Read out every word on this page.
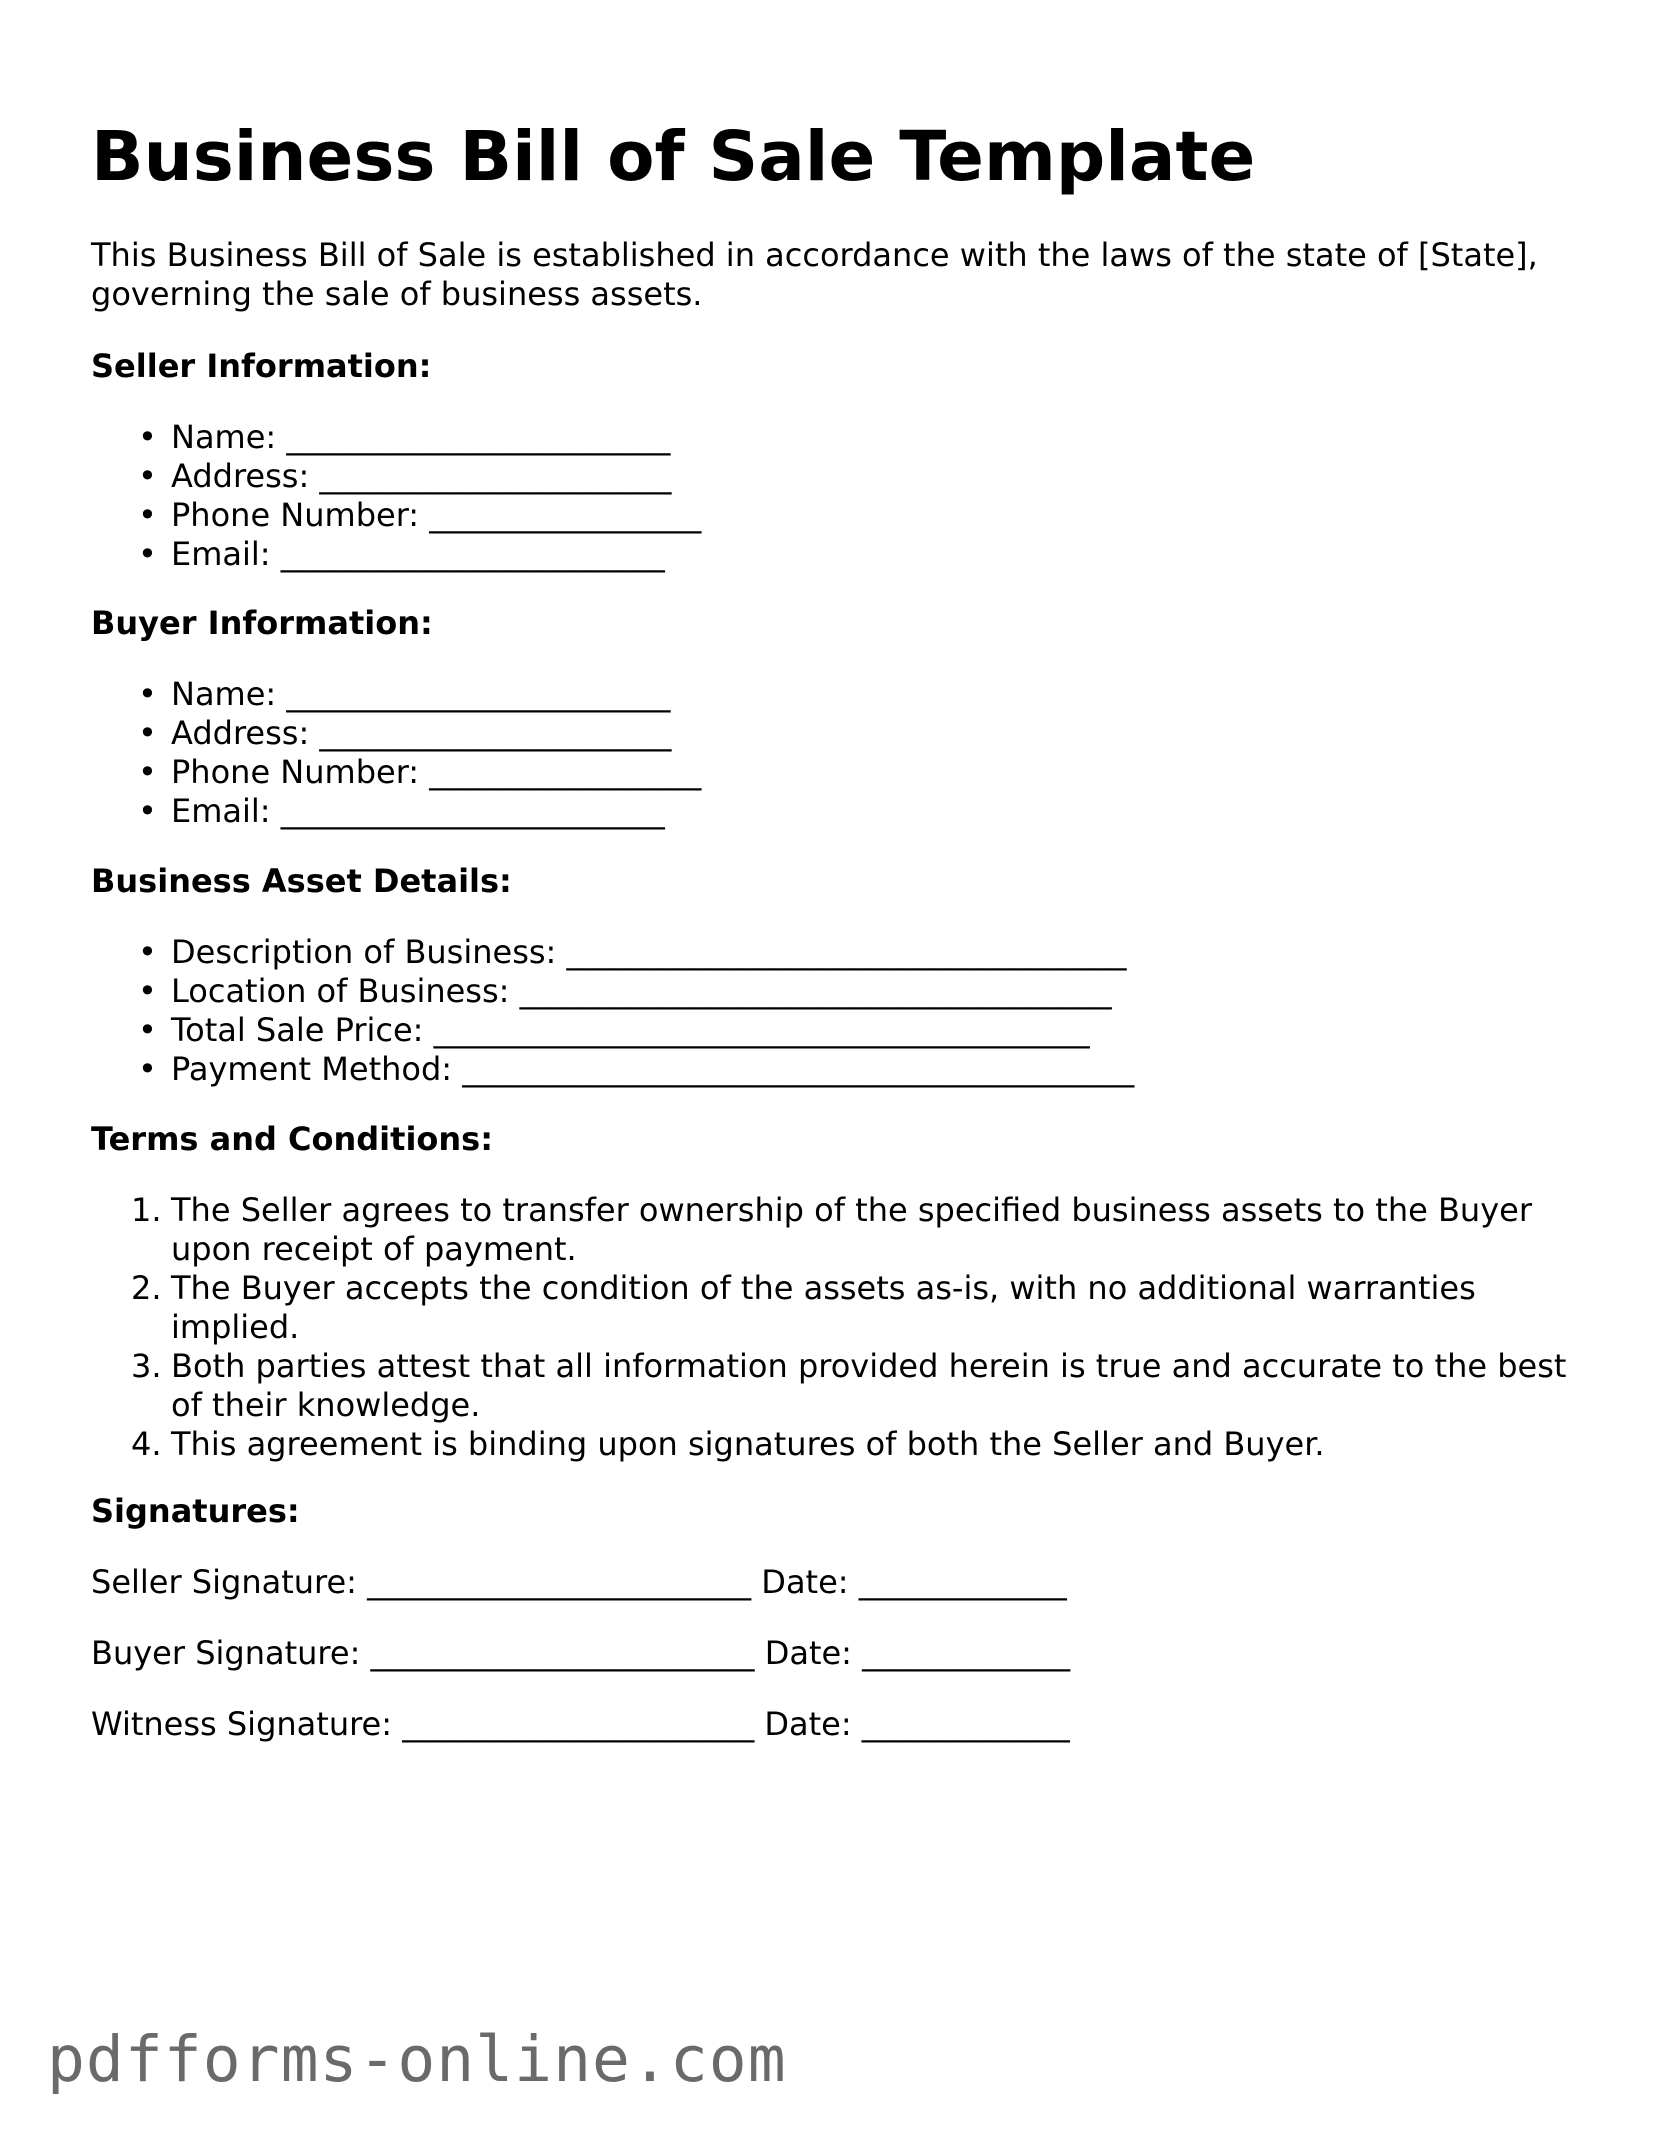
Business Bill of Sale Template

This Business Bill of Sale is established in accordance with the laws of the state of [State], governing the sale of business assets.

Seller Information:

• Name: ________________________
• Address: ______________________
• Phone Number: _________________
• Email: ________________________

Buyer Information:

• Name: ________________________
• Address: ______________________
• Phone Number: _________________
• Email: ________________________

Business Asset Details:

• Description of Business: ___________________________________
• Location of Business: _____________________________________
• Total Sale Price: _________________________________________
• Payment Method: __________________________________________

Terms and Conditions:

1. The Seller agrees to transfer ownership of the specified business assets to the Buyer upon receipt of payment.
2. The Buyer accepts the condition of the assets as-is, with no additional warranties implied.
3. Both parties attest that all information provided herein is true and accurate to the best of their knowledge.
4. This agreement is binding upon signatures of both the Seller and Buyer.

Signatures:

Seller Signature: ________________________ Date: _____________

Buyer Signature: ________________________ Date: _____________

Witness Signature: ______________________ Date: _____________

pdfforms-online.com
